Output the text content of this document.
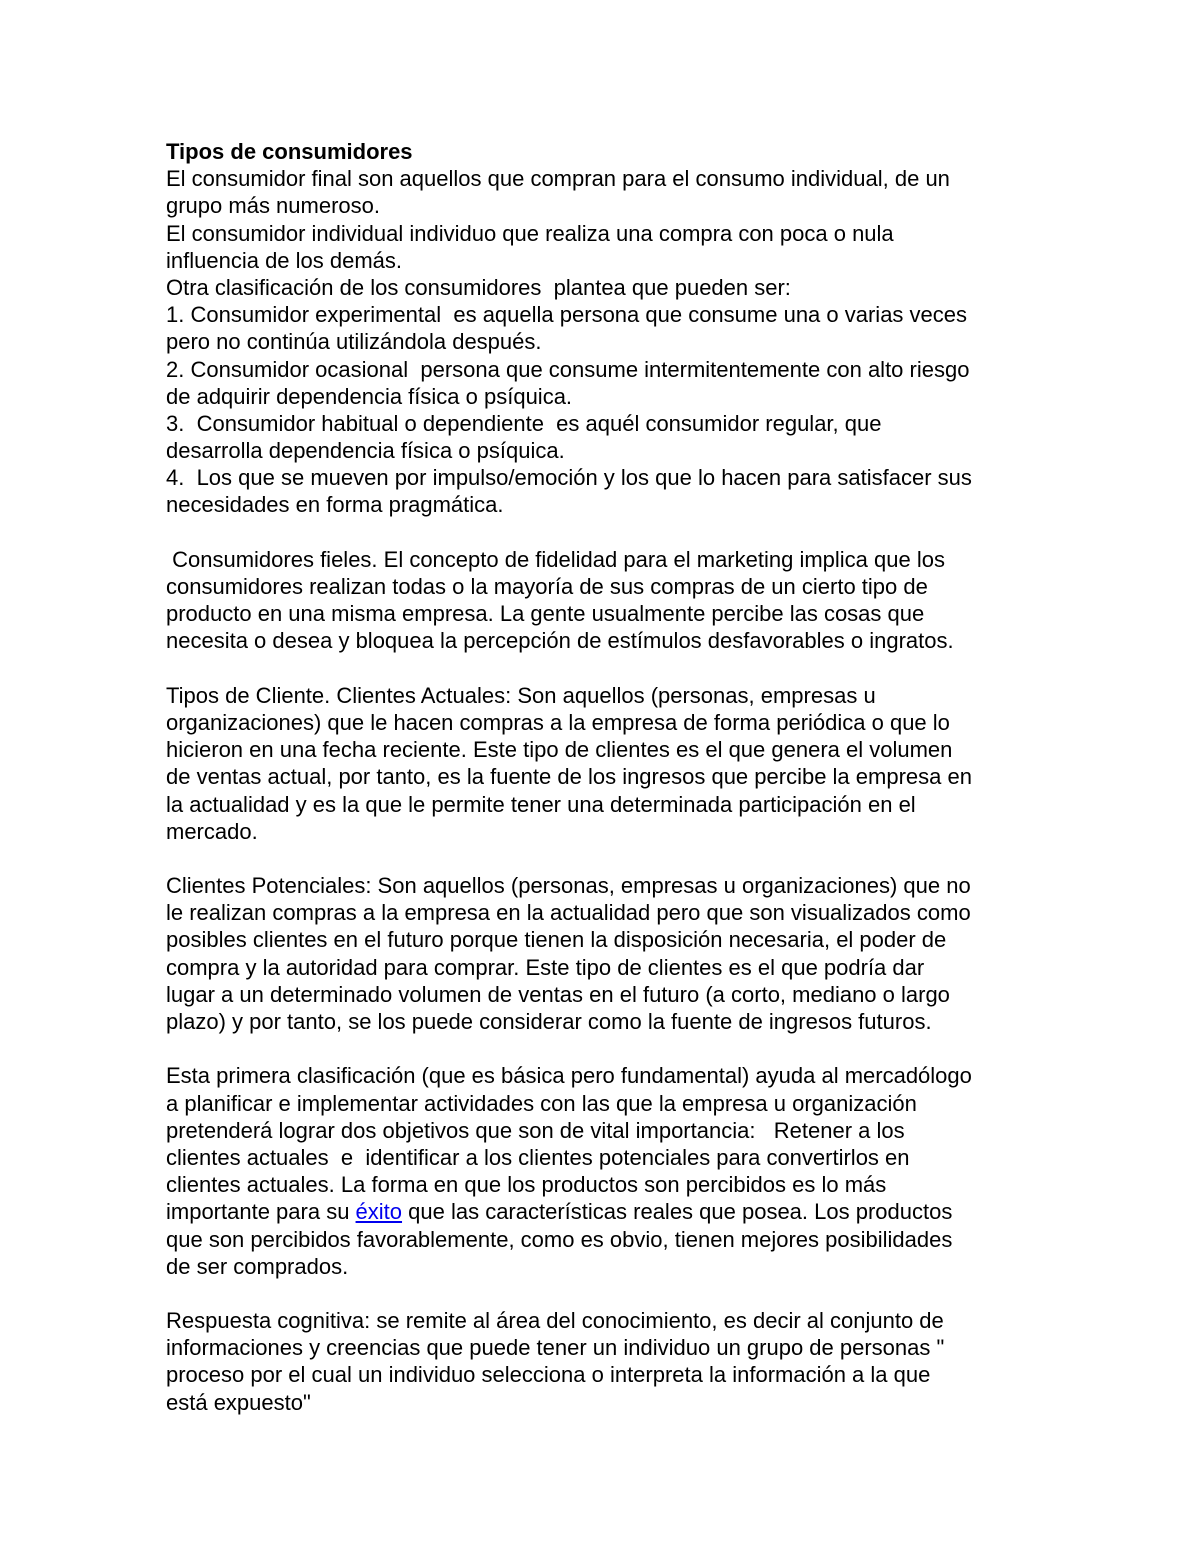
Tipos de consumidores
El consumidor final son aquellos que compran para el consumo individual, de un
grupo más numeroso.
El consumidor individual individuo que realiza una compra con poca o nula
influencia de los demás.
Otra clasificación de los consumidores  plantea que pueden ser:
1. Consumidor experimental  es aquella persona que consume una o varias veces
pero no continúa utilizándola después.
2. Consumidor ocasional  persona que consume intermitentemente con alto riesgo
de adquirir dependencia física o psíquica.
3.  Consumidor habitual o dependiente  es aquél consumidor regular, que
desarrolla dependencia física o psíquica.
4.  Los que se mueven por impulso/emoción y los que lo hacen para satisfacer sus
necesidades en forma pragmática.
Consumidores fieles. El concepto de fidelidad para el marketing implica que los
consumidores realizan todas o la mayoría de sus compras de un cierto tipo de
producto en una misma empresa. La gente usualmente percibe las cosas que
necesita o desea y bloquea la percepción de estímulos desfavorables o ingratos.
Tipos de Cliente. Clientes Actuales: Son aquellos (personas, empresas u
organizaciones) que le hacen compras a la empresa de forma periódica o que lo
hicieron en una fecha reciente. Este tipo de clientes es el que genera el volumen
de ventas actual, por tanto, es la fuente de los ingresos que percibe la empresa en
la actualidad y es la que le permite tener una determinada participación en el
mercado.
Clientes Potenciales: Son aquellos (personas, empresas u organizaciones) que no
le realizan compras a la empresa en la actualidad pero que son visualizados como
posibles clientes en el futuro porque tienen la disposición necesaria, el poder de
compra y la autoridad para comprar. Este tipo de clientes es el que podría dar
lugar a un determinado volumen de ventas en el futuro (a corto, mediano o largo
plazo) y por tanto, se los puede considerar como la fuente de ingresos futuros.
Esta primera clasificación (que es básica pero fundamental) ayuda al mercadólogo
a planificar e implementar actividades con las que la empresa u organización
pretenderá lograr dos objetivos que son de vital importancia:   Retener a los
clientes actuales  e  identificar a los clientes potenciales para convertirlos en
clientes actuales. La forma en que los productos son percibidos es lo más
importante para su éxito que las características reales que posea. Los productos
que son percibidos favorablemente, como es obvio, tienen mejores posibilidades
de ser comprados.
Respuesta cognitiva: se remite al área del conocimiento, es decir al conjunto de
informaciones y creencias que puede tener un individuo un grupo de personas "
proceso por el cual un individuo selecciona o interpreta la información a la que
está expuesto"
